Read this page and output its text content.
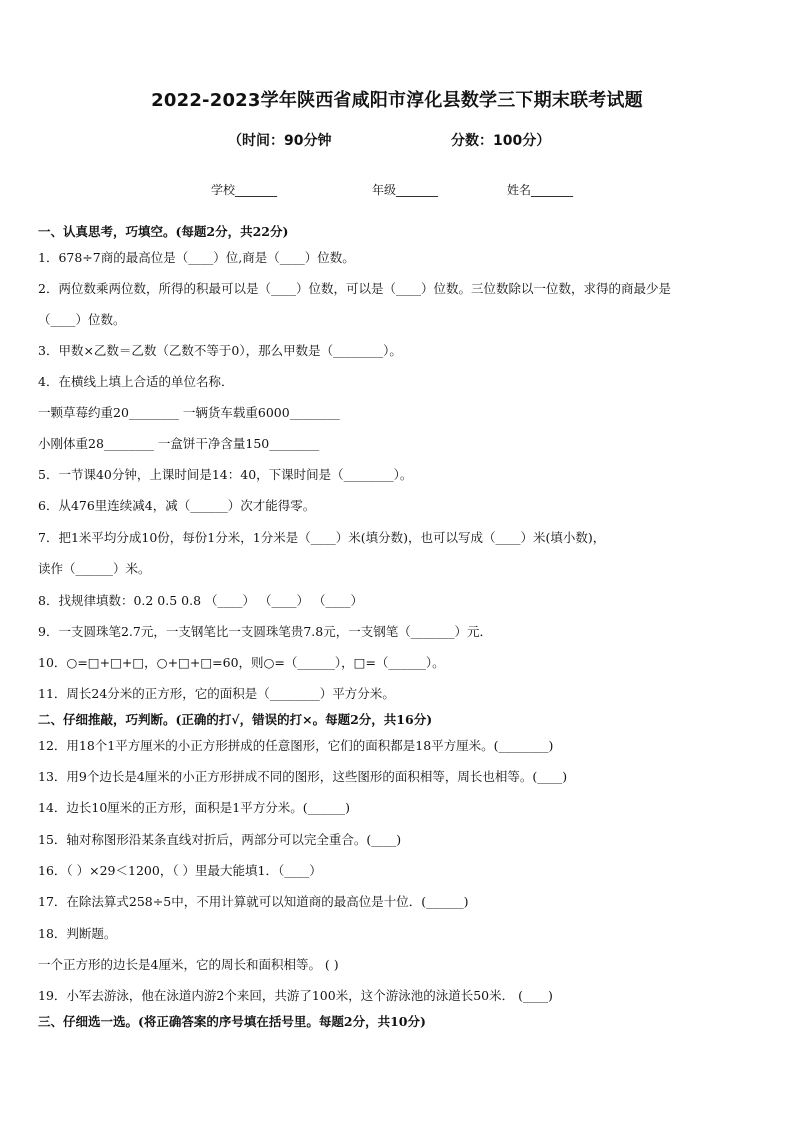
2022-2023学年陕西省咸阳市淳化县数学三下期末联考试题
（时间：90分钟	分数：100分）
学校_______	年级_______	姓名_______
一、认真思考，巧填空。(每题2分，共22分)
1．678÷7商的最高位是（____）位,商是（____）位数。
2．两位数乘两位数，所得的积最可以是（____）位数，可以是（____）位数。三位数除以一位数，求得的商最少是
（____）位数。
3．甲数×乙数＝乙数（乙数不等于0），那么甲数是（________）。
4．在横线上填上合适的单位名称．
一颗草莓约重20________ 一辆货车载重6000________
小刚体重28________ 一盒饼干净含量150________
5．一节课40分钟，上课时间是14：40，下课时间是（________）。
6．从476里连续减4，减（______）次才能得零。
7．把1米平均分成10份，每份1分米，1分米是（____）米(填分数)，也可以写成（____）米(填小数)，
读作（______）米。
8．找规律填数：0.2 0.5 0.8 （____） （____） （____）
9．一支圆珠笔2.7元，一支钢笔比一支圆珠笔贵7.8元，一支钢笔（_______）元．
10．○=□+□+□，○+□+□=60，则○=（______），□=（______）。
11．周长24分米的正方形，它的面积是（________）平方分米。
二、仔细推敲，巧判断。(正确的打√，错误的打×。每题2分，共16分)
12．用18个1平方厘米的小正方形拼成的任意图形，它们的面积都是18平方厘米。(________)
13．用9个边长是4厘米的小正方形拼成不同的图形，这些图形的面积相等，周长也相等。(____)
14．边长10厘米的正方形，面积是1平方分米。(______)
15．轴对称图形沿某条直线对折后，两部分可以完全重合。(____)
16．（ ）×29＜1200，（ ）里最大能填1．（____）
17．在除法算式258÷5中，不用计算就可以知道商的最高位是十位．(______)
18．判断题。
一个正方形的边长是4厘米，它的周长和面积相等。 ( )
19．小军去游泳，他在泳道内游2个来回，共游了100米，这个游泳池的泳道长50米． (____)
三、仔细选一选。(将正确答案的序号填在括号里。每题2分，共10分)
